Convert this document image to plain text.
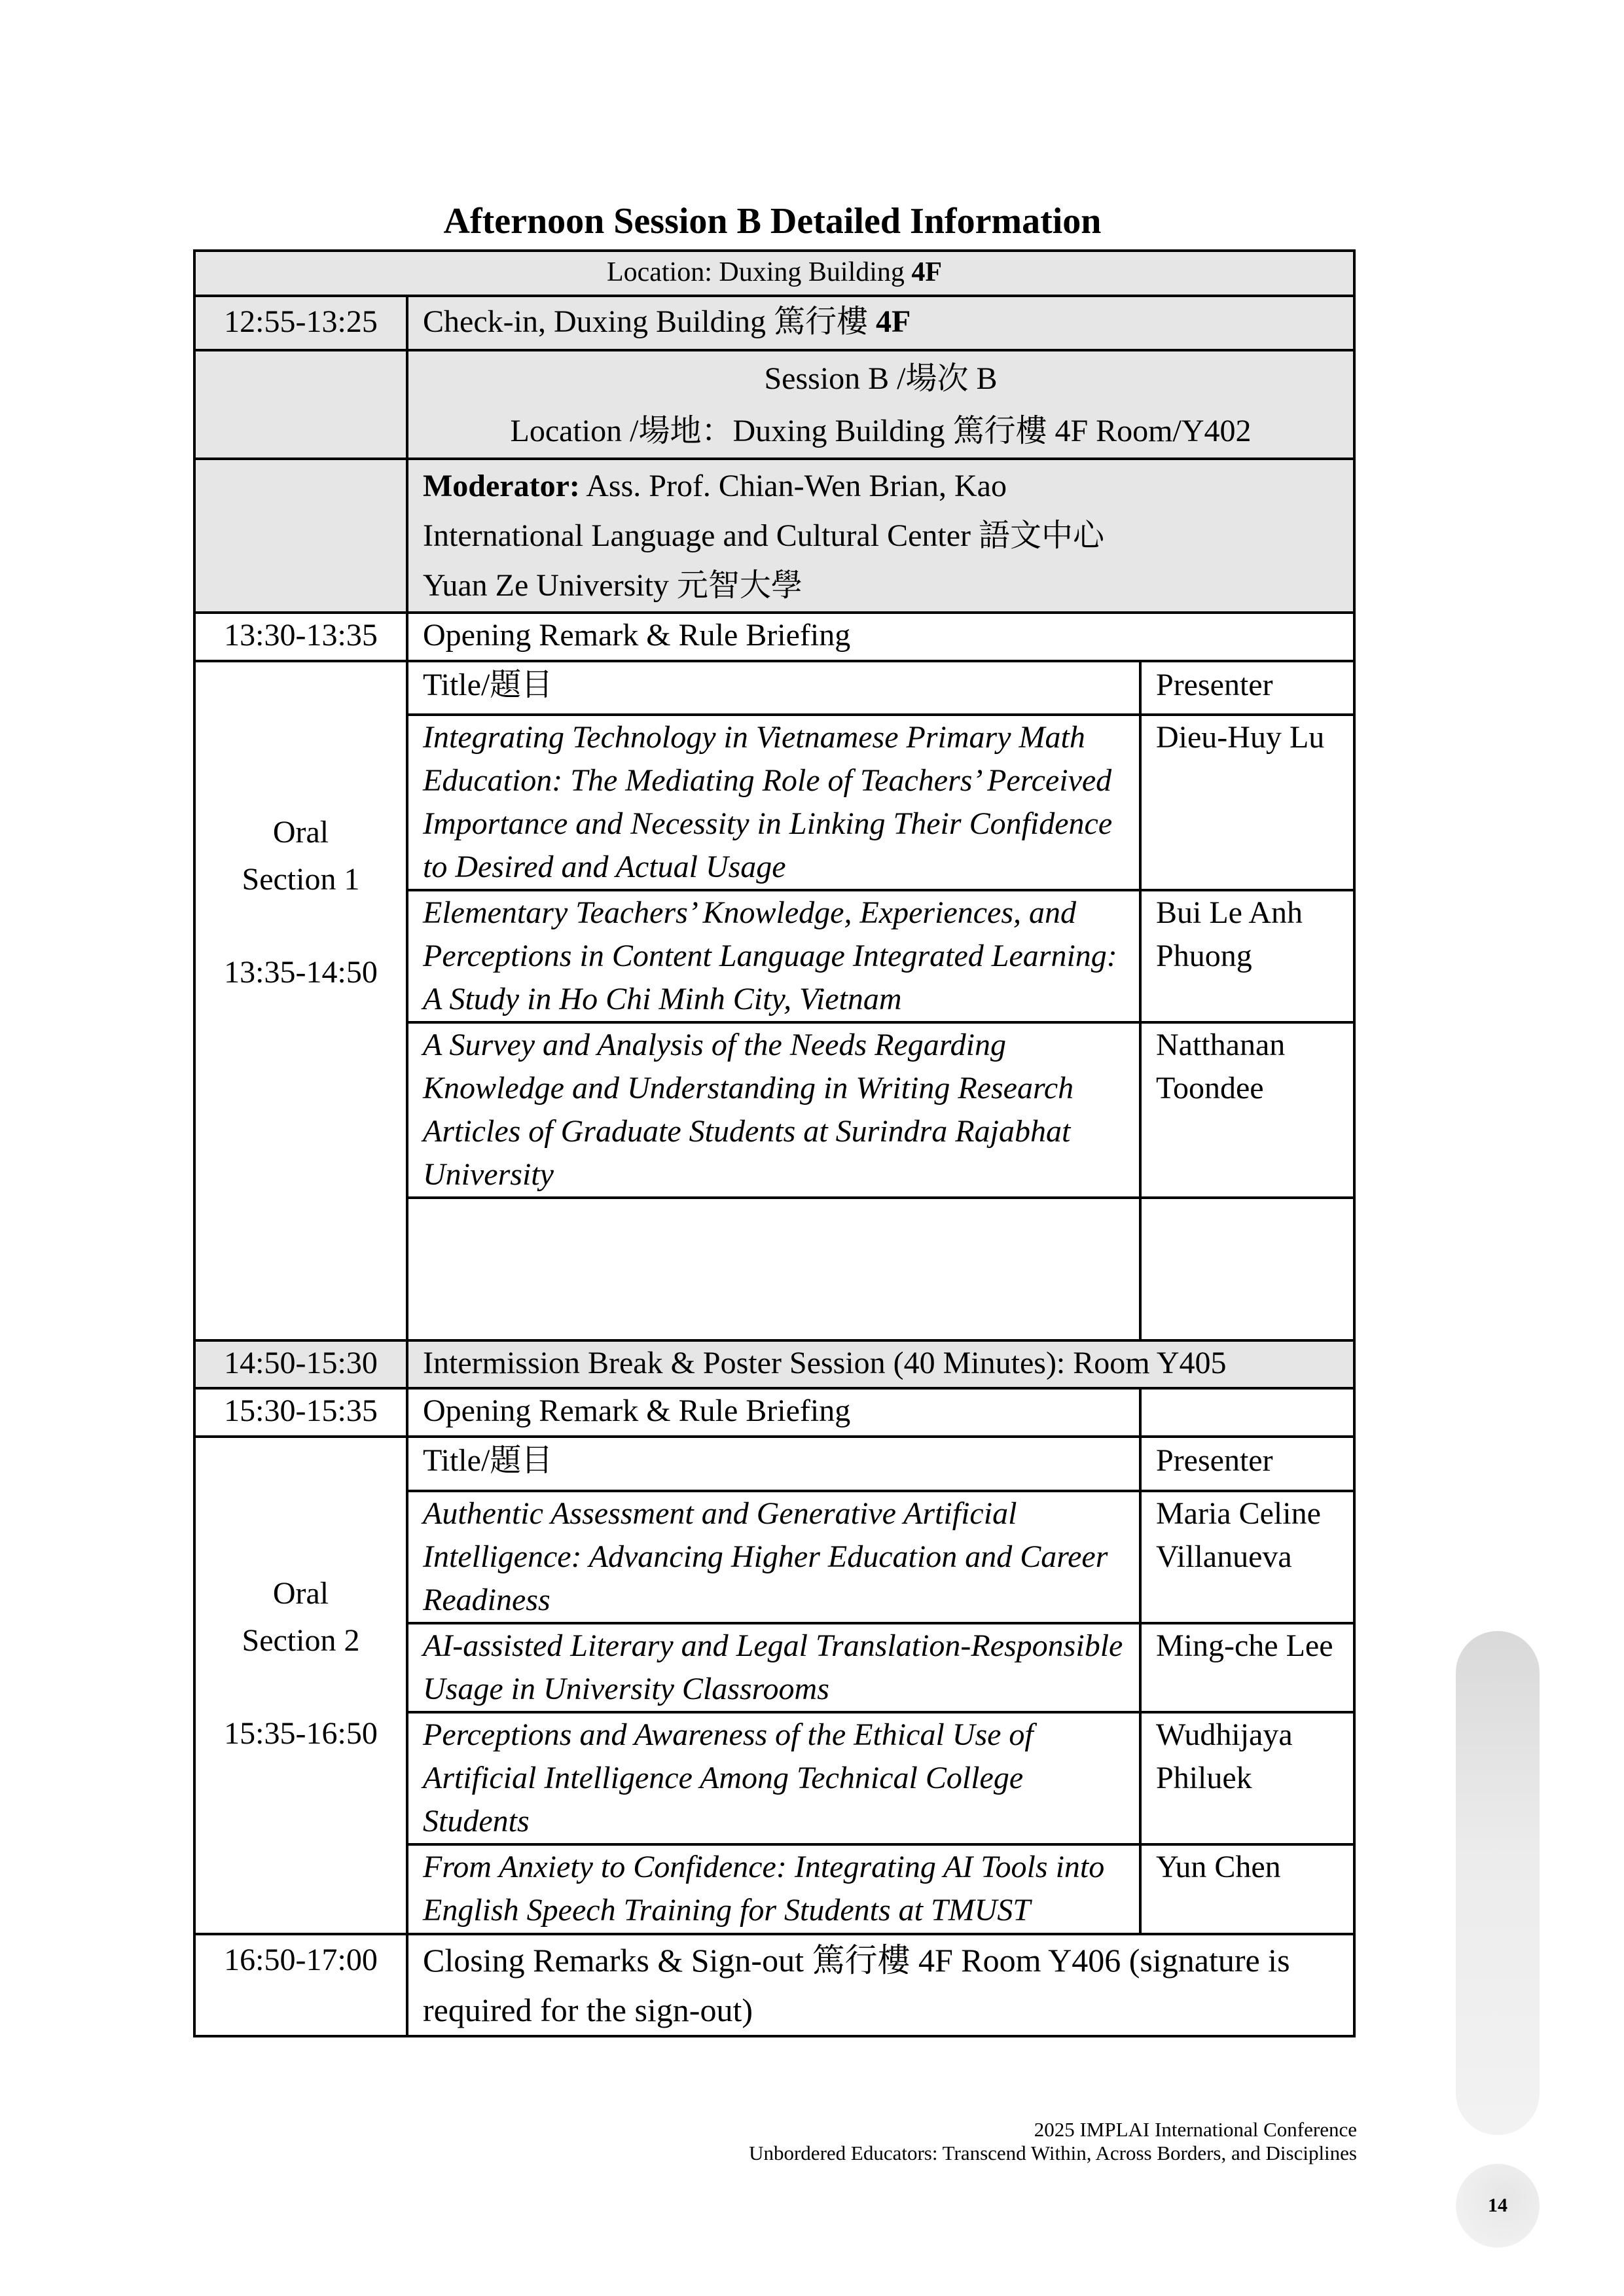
Afternoon Session B Detailed Information
Location: Duxing Building 4F		
12:55-13:25	Check-in, Duxing Building 篤行樓 4F	

	Session B /場次 B
Location /場地：Duxing Building 篤行樓 4F Room/Y402	

	Moderator: Ass. Prof. Chian-Wen Brian, Kao
International Language and Cultural Center 語文中心
Yuan Ze University 元智大學	

13:30-13:35	Opening Remark & Rule Briefing	

Oral
Section 1
13:35-14:50	Title/題目	Presenter
	Integrating Technology in Vietnamese Primary Math Education: The Mediating Role of Teachers’ Perceived Importance and Necessity in Linking Their Confidence to Desired and Actual Usage	Dieu-Huy Lu
	Elementary Teachers’ Knowledge, Experiences, and Perceptions in Content Language Integrated Learning: A Study in Ho Chi Minh City, Vietnam	Bui Le Anh Phuong
	A Survey and Analysis of the Needs Regarding Knowledge and Understanding in Writing Research Articles of Graduate Students at Surindra Rajabhat University	Natthanan Toondee

14:50-15:30	Intermission Break & Poster Session (40 Minutes): Room Y405	
15:30-15:35	Opening Remark & Rule Briefing	

Oral
Section 2
15:35-16:50	Title/題目	Presenter
	Authentic Assessment and Generative Artificial Intelligence: Advancing Higher Education and Career Readiness	Maria Celine Villanueva
	AI-assisted Literary and Legal Translation-Responsible Usage in University Classrooms	Ming-che Lee
	Perceptions and Awareness of the Ethical Use of Artificial Intelligence Among Technical College Students	Wudhijaya Philuek
	From Anxiety to Confidence: Integrating AI Tools into English Speech Training for Students at TMUST	Yun Chen
16:50-17:00	Closing Remarks & Sign-out 篤行樓 4F Room Y406 (signature is required for the sign-out)	
2025 IMPLAI International Conference
Unbordered Educators: Transcend Within, Across Borders, and Disciplines
14
